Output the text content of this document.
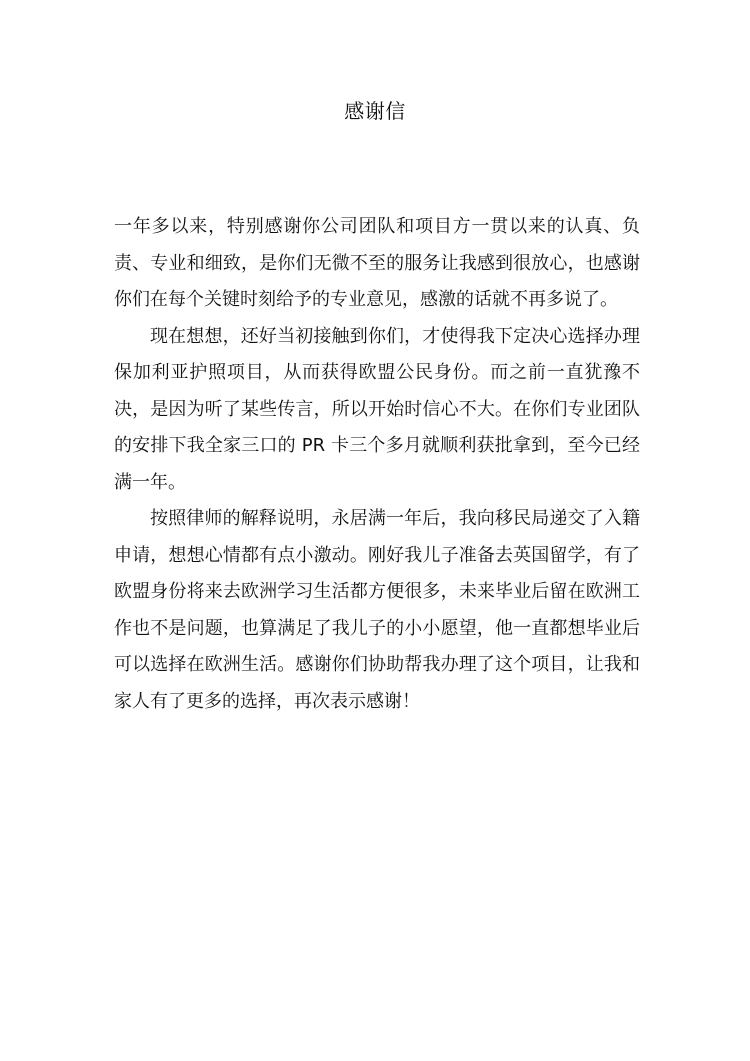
感谢信

一年多以来，特别感谢你公司团队和项目方一贯以来的认真、负责、专业和细致，是你们无微不至的服务让我感到很放心，也感谢你们在每个关键时刻给予的专业意见，感激的话就不再多说了。

现在想想，还好当初接触到你们，才使得我下定决心选择办理保加利亚护照项目，从而获得欧盟公民身份。而之前一直犹豫不决，是因为听了某些传言，所以开始时信心不大。在你们专业团队的安排下我全家三口的 PR 卡三个多月就顺利获批拿到，至今已经满一年。

按照律师的解释说明，永居满一年后，我向移民局递交了入籍申请，想想心情都有点小激动。刚好我儿子准备去英国留学，有了欧盟身份将来去欧洲学习生活都方便很多，未来毕业后留在欧洲工作也不是问题，也算满足了我儿子的小小愿望，他一直都想毕业后可以选择在欧洲生活。感谢你们协助帮我办理了这个项目，让我和家人有了更多的选择，再次表示感谢！
